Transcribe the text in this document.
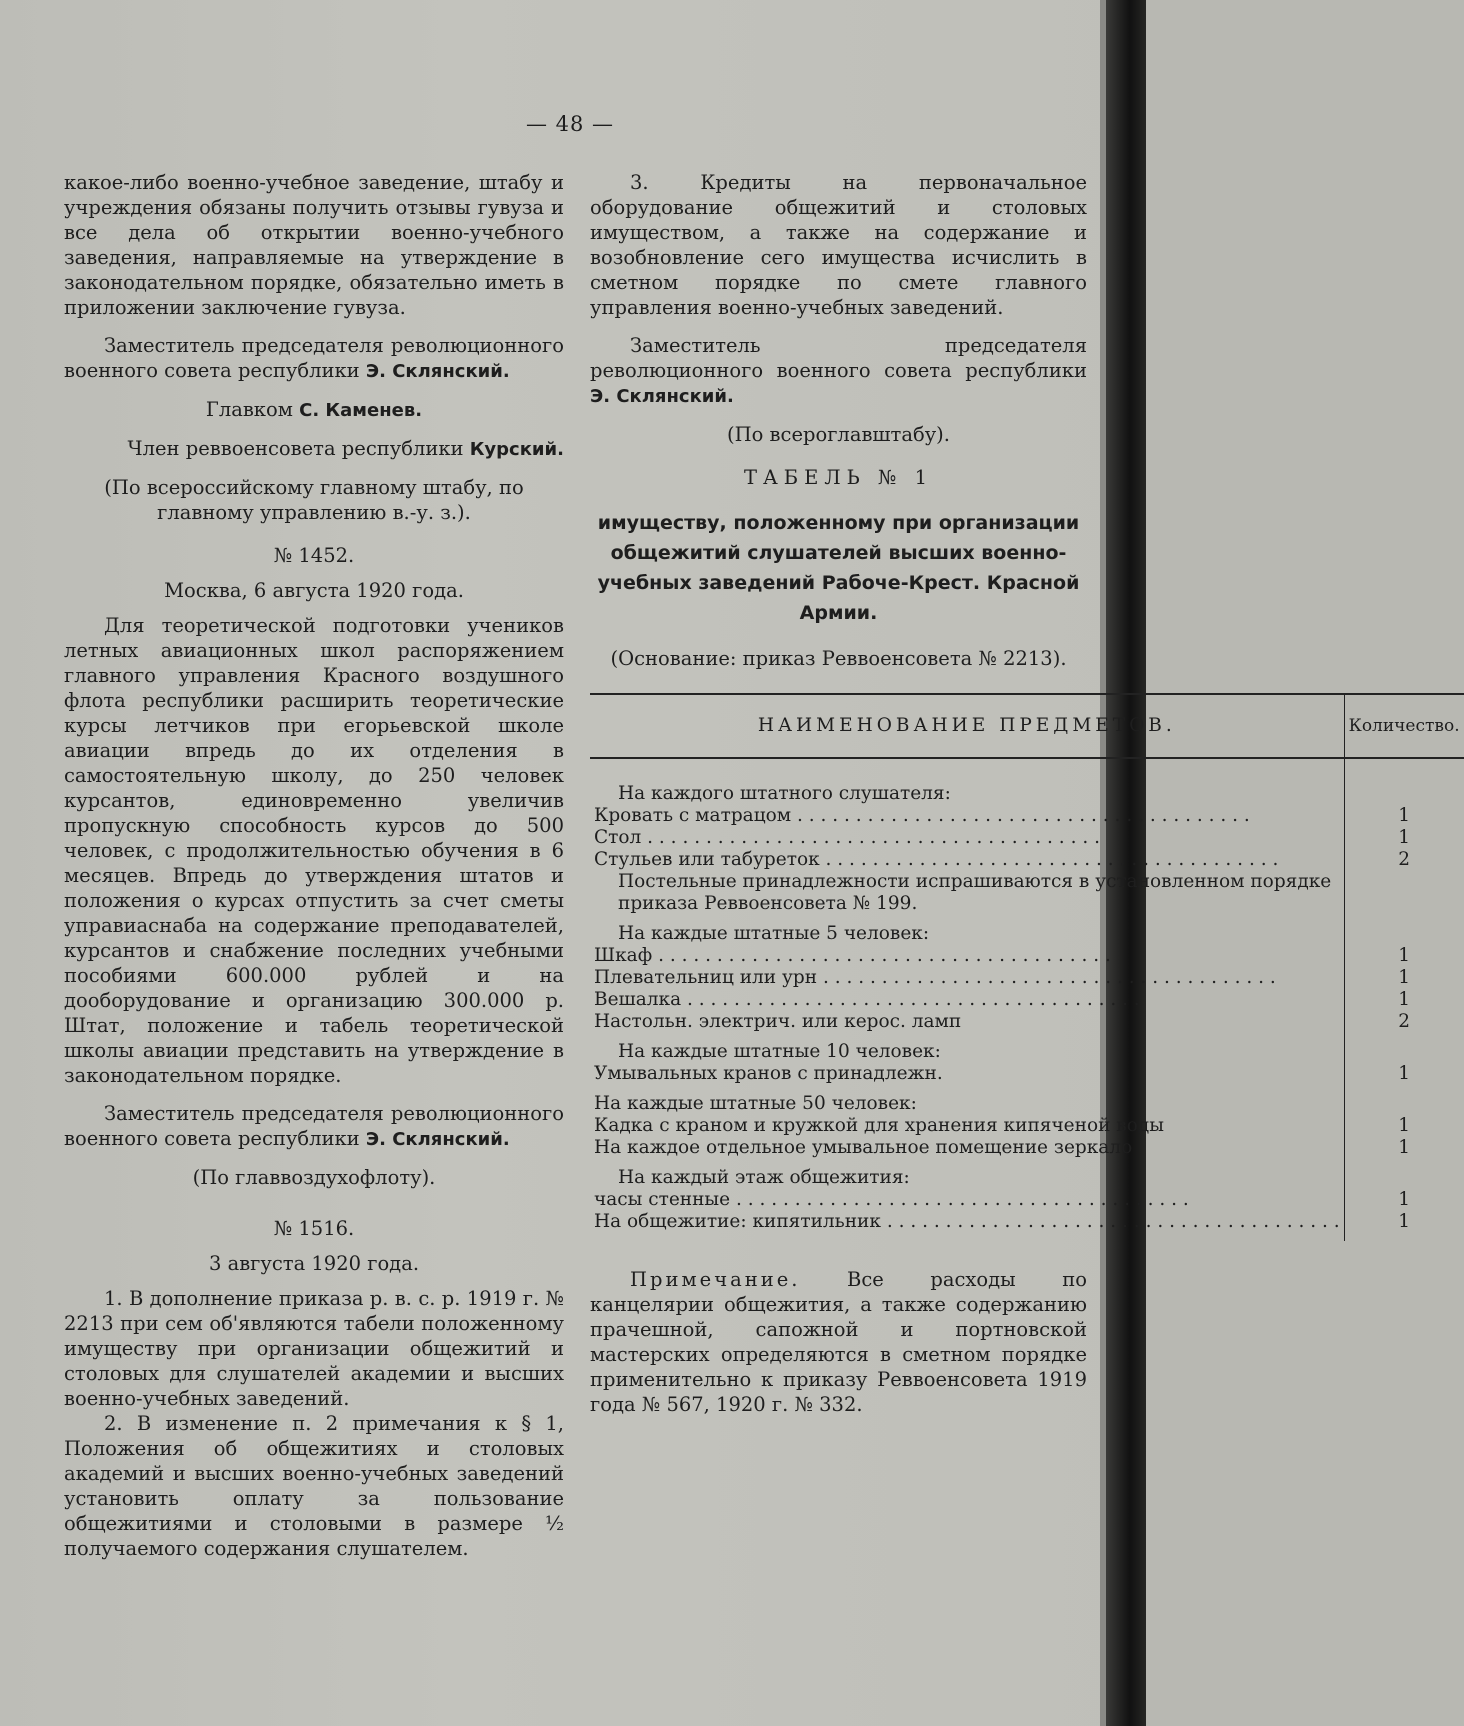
— 48 —

какое-либо военно-учебное заведение, штабу и учреждения обязаны получить отзывы гувуза и все дела об открытии военно-учебного заведения, направляемые на утверждение в законодательном порядке, обязательно иметь в приложении заключение гувуза.

Заместитель председателя революционного военного совета республики Э. Склянский.

Главком С. Каменев.

Член реввоенсовета республики Курский.

(По всероссийскому главному штабу, по главному управлению в.-у. з.).

№ 1452.

Москва, 6 августа 1920 года.

Для теоретической подготовки учеников летных авиационных школ распоряжением главного управления Красного воздушного флота республики расширить теоретические курсы летчиков при егорьевской школе авиации впредь до их отделения в самостоятельную школу, до 250 человек курсантов, единовременно увеличив пропускную способность курсов до 500 человек, с продолжительностью обучения в 6 месяцев. Впредь до утверждения штатов и положения о курсах отпустить за счет сметы управиаснаба на содержание преподавателей, курсантов и снабжение последних учебными пособиями 600.000 рублей и на дооборудование и организацию 300.000 р. Штат, положение и табель теоретической школы авиации представить на утверждение в законодательном порядке.

Заместитель председателя революционного военного совета республики Э. Склянский.

(По главвоздухофлоту).

№ 1516.

3 августа 1920 года.

1. В дополнение приказа р. в. с. р. 1919 г. № 2213 при сем об'являются табели положенному имуществу при организации общежитий и столовых для слушателей академии и высших военно-учебных заведений.

2. В изменение п. 2 примечания к § 1, Положения об общежитиях и столовых академий и высших военно-учебных заведений установить оплату за пользование общежитиями и столовыми в размере ½ получаемого содержания слушателем.

3. Кредиты на первоначальное оборудование общежитий и столовых имуществом, а также на содержание и возобновление сего имущества исчислить в сметном порядке по смете главного управления военно-учебных заведений.

Заместитель председателя революционного военного совета республики Э. Склянский.

(По всероглавштабу).

ТАБЕЛЬ № 1

имуществу, положенному при организации общежитий слушателей высших военно-учебных заведений Рабоче-Крест. Красной Армии.

(Основание: приказ Реввоенсовета № 2213).

НАИМЕНОВАНИЕ ПРЕДМЕТОВ.	Количество.
На каждого штатного слушателя:	
Кровать с матрацом . . . . . . . . . . . . . . . . . . . . . . . . . . . . . . . . . . . . . . .	1
Стол . . . . . . . . . . . . . . . . . . . . . . . . . . . . . . . . . . . . . . .	1
Стульев или табуреток . . . . . . . . . . . . . . . . . . . . . . . . . . . . . . . . . . . . . . .	2
Постельные принадлежности испрашиваются в установленном порядке приказа Реввоенсовета № 199.	
На каждые штатные 5 человек:	
Шкаф . . . . . . . . . . . . . . . . . . . . . . . . . . . . . . . . . . . . . . .	1
Плевательниц или урн . . . . . . . . . . . . . . . . . . . . . . . . . . . . . . . . . . . . . . .	1
Вешалка . . . . . . . . . . . . . . . . . . . . . . . . . . . . . . . . . . . . . . .	1
Настольн. электрич. или керос. ламп	2
На каждые штатные 10 человек:	
Умывальных кранов с принадлежн.	1
На каждые штатные 50 человек:	
Кадка с краном и кружкой для хранения кипяченой воды	1
На каждое отдельное умывальное помещение зеркало	1
На каждый этаж общежития:	
часы стенные . . . . . . . . . . . . . . . . . . . . . . . . . . . . . . . . . . . . . . .	1
На общежитие: кипятильник . . . . . . . . . . . . . . . . . . . . . . . . . . . . . . . . . . . . . . .	1

Примечание. Все расходы по канцелярии общежития, а также содержанию прачешной, сапожной и портновской мастерских определяются в сметном порядке применительно к приказу Реввоенсовета 1919 года № 567, 1920 г. № 332.
